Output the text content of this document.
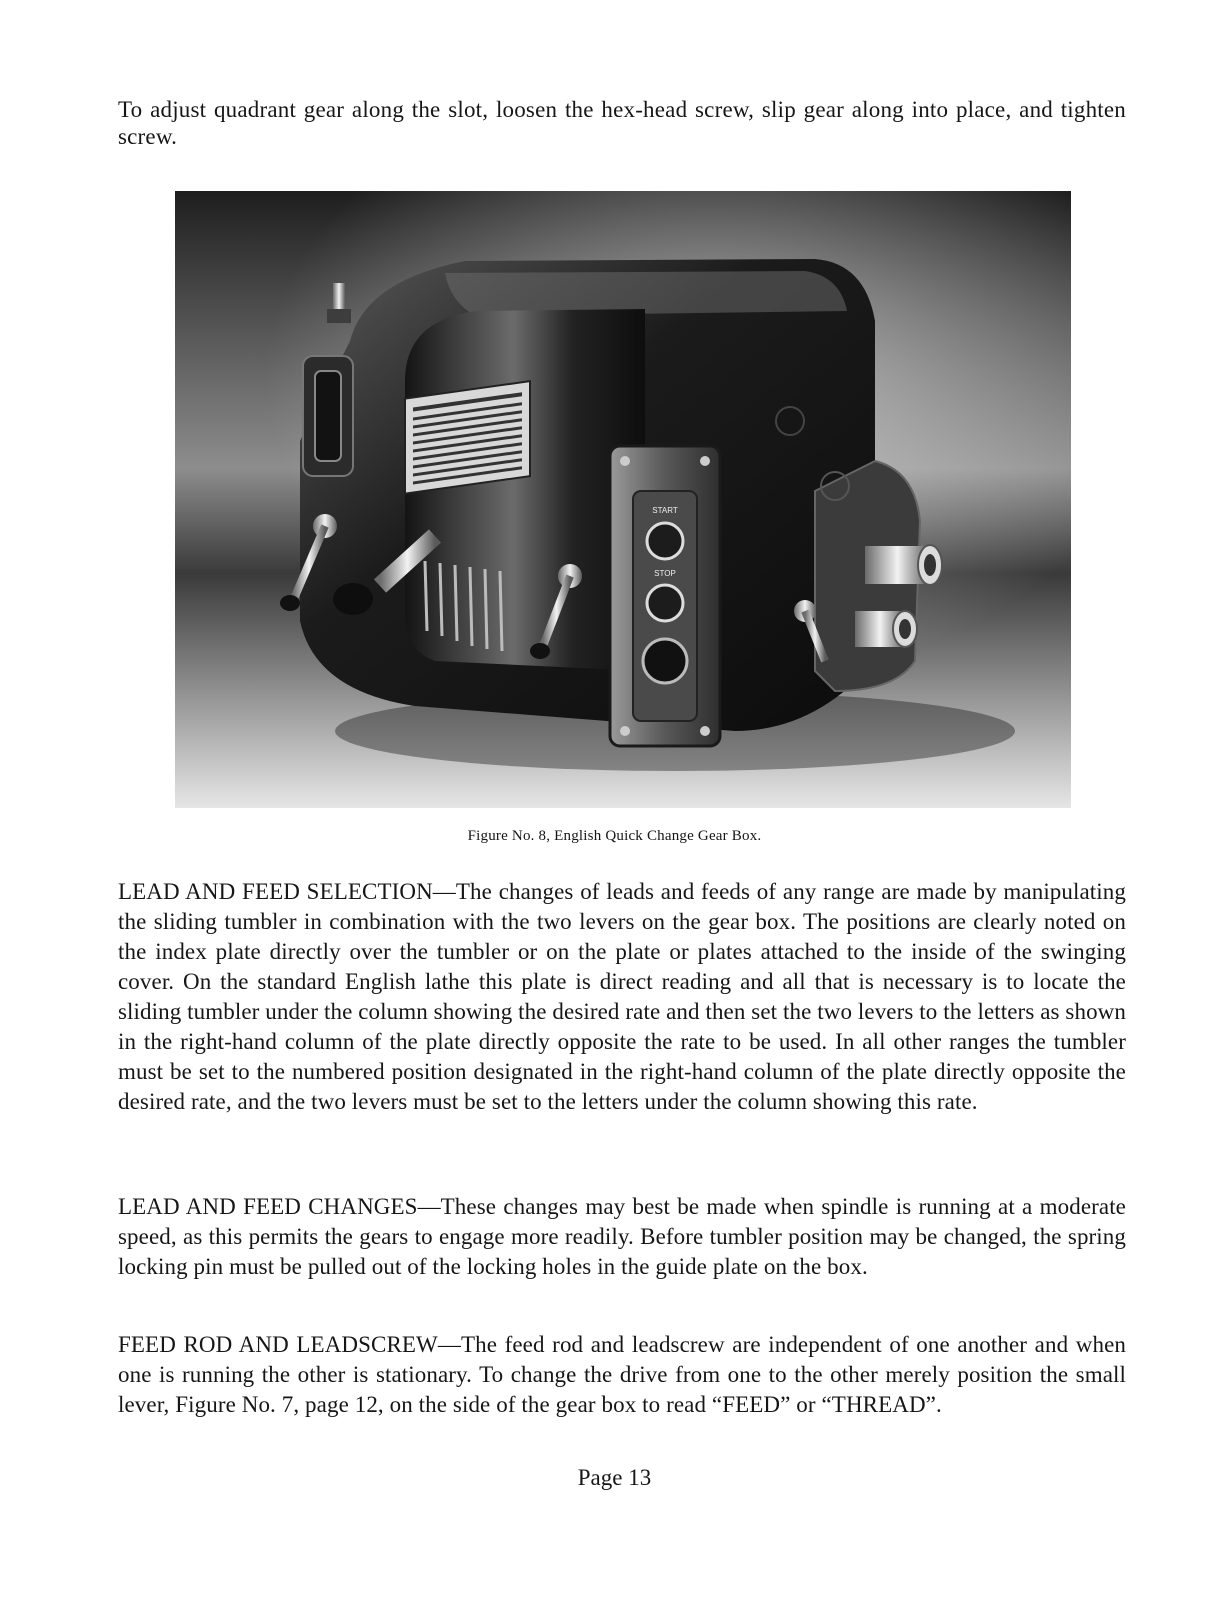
To adjust quadrant gear along the slot, loosen the hex-head screw, slip gear along into place, and tighten screw.

START
STOP

Figure No. 8, English Quick Change Gear Box.

LEAD AND FEED SELECTION—The changes of leads and feeds of any range are made by manipulating the sliding tumbler in combination with the two levers on the gear box. The positions are clearly noted on the index plate directly over the tumbler or on the plate or plates attached to the inside of the swinging cover. On the standard English lathe this plate is direct reading and all that is necessary is to locate the sliding tumbler under the column showing the desired rate and then set the two levers to the letters as shown in the right-hand column of the plate directly opposite the rate to be used. In all other ranges the tumbler must be set to the numbered position designated in the right-hand column of the plate directly opposite the desired rate, and the two levers must be set to the letters under the column showing this rate.

LEAD AND FEED CHANGES—These changes may best be made when spindle is running at a moderate speed, as this permits the gears to engage more readily. Before tumbler position may be changed, the spring locking pin must be pulled out of the locking holes in the guide plate on the box.

FEED ROD AND LEADSCREW—The feed rod and leadscrew are independent of one another and when one is running the other is stationary. To change the drive from one to the other merely position the small lever, Figure No. 7, page 12, on the side of the gear box to read “FEED” or “THREAD”.

Page 13
